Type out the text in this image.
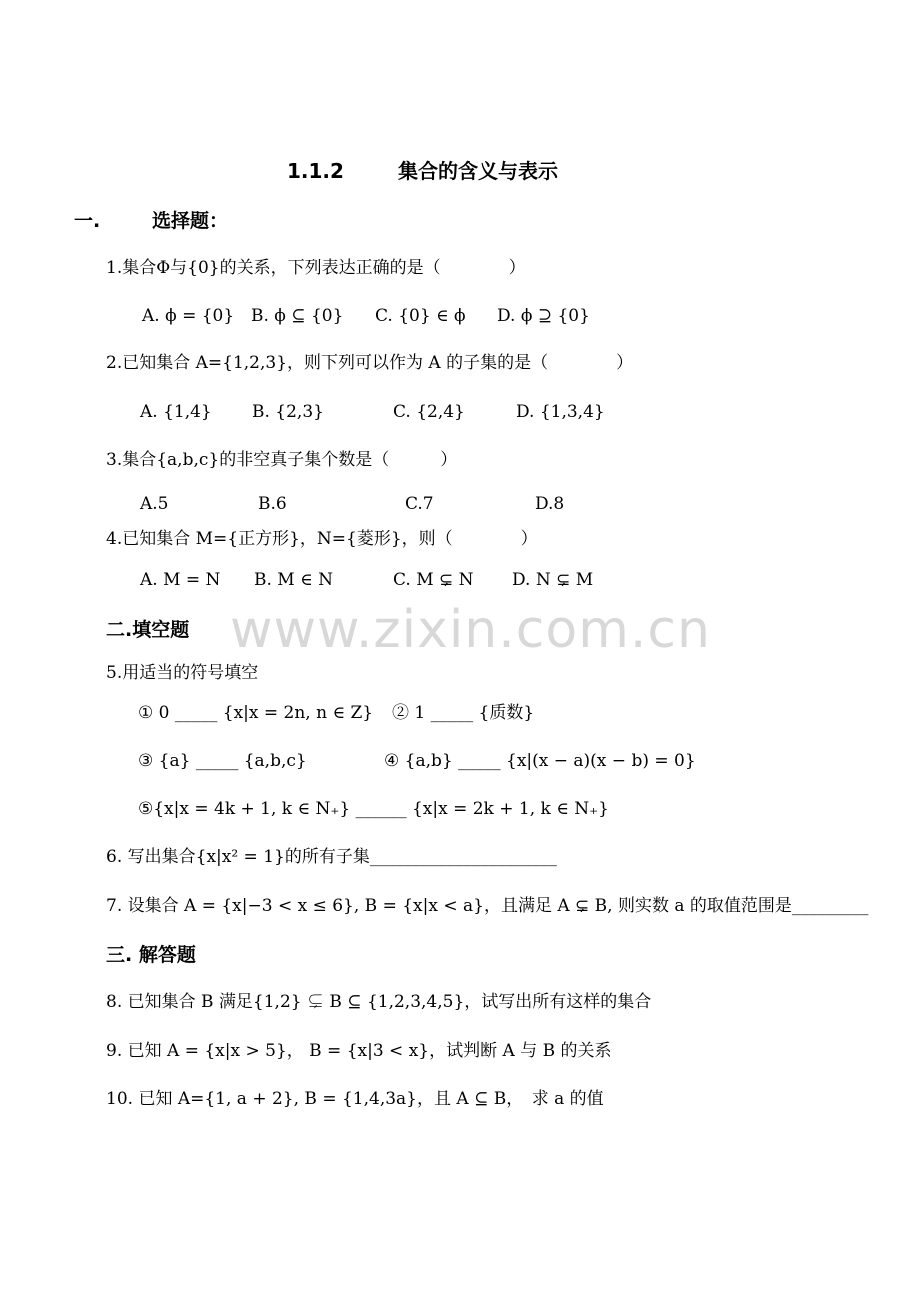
www.zixin.com.cn
1.1.2	集合的含义与表示
一.	选择题：
1.集合Φ与{0}的关系，下列表达正确的是（　　　　）
A. ϕ = {0} B. ϕ ⊆ {0} C. {0} ∈ ϕ D. ϕ ⊇ {0}
2.已知集合 A={1,2,3}，则下列可以作为 A 的子集的是（　　　　）
A. {1,4} B. {2,3}	C. {2,4}	D. {1,3,4}
3.集合{a,b,c}的非空真子集个数是（　　　）
A.5	B.6	C.7	D.8
4.已知集合 M={正方形}，N={菱形}，则（　　　　）
A. M = N B. M ∈ N	C. M ⊊ N D. N ⊊ M
二.填空题
5.用适当的符号填空
① 0 _____ {x|x = 2n, n ∈ Z} ② 1 _____ {质数}
③ {a} _____ {a,b,c}	④ {a,b} _____ {x|(x − a)(x − b) = 0}
⑤{x|x = 4k + 1, k ∈ N₊} ______ {x|x = 2k + 1, k ∈ N₊}
6. 写出集合{x|x² = 1}的所有子集______________________
7. 设集合 A = {x|−3 < x ≤ 6}, B = {x|x < a}，且满足 A ⊊ B, 则实数 a 的取值范围是_________
三. 解答题
8. 已知集合 B 满足{1,2} ⊊ B ⊆ {1,2,3,4,5}，试写出所有这样的集合
9. 已知 A = {x|x > 5}， B = {x|3 < x}，试判断 A 与 B 的关系
10. 已知 A={1, a + 2}, B = {1,4,3a}，且 A ⊆ B，　求 a 的值
